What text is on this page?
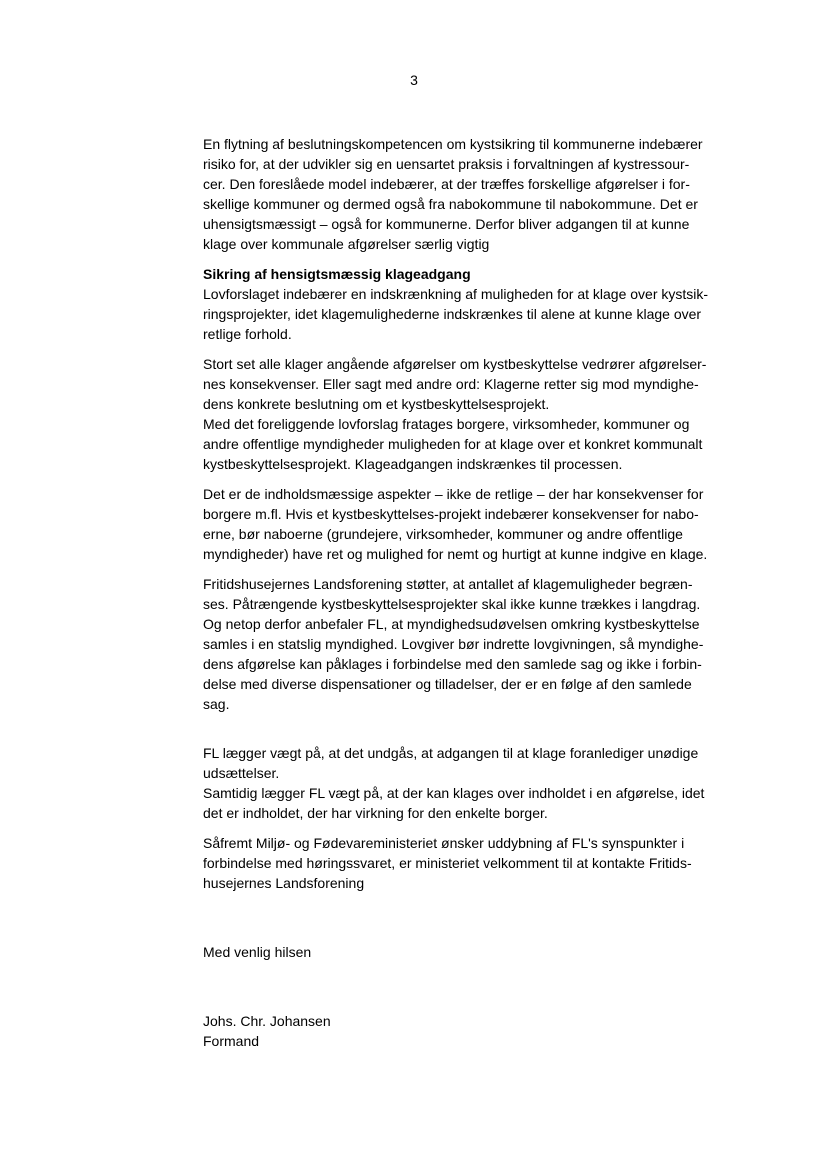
3

En flytning af beslutningskompetencen om kystsikring til kommunerne indebærer
risiko for, at der udvikler sig en uensartet praksis i forvaltningen af kystressour-
cer. Den foreslåede model indebærer, at der træffes forskellige afgørelser i for-
skellige kommuner og dermed også fra nabokommune til nabokommune. Det er
uhensigtsmæssigt – også for kommunerne. Derfor bliver adgangen til at kunne
klage over kommunale afgørelser særlig vigtig

Sikring af hensigtsmæssig klageadgang
Lovforslaget indebærer en indskrænkning af muligheden for at klage over kystsik-
ringsprojekter, idet klagemulighederne indskrænkes til alene at kunne klage over
retlige forhold.

Stort set alle klager angående afgørelser om kystbeskyttelse vedrører afgørelser-
nes konsekvenser. Eller sagt med andre ord: Klagerne retter sig mod myndighe-
dens konkrete beslutning om et kystbeskyttelsesprojekt.
Med det foreliggende lovforslag fratages borgere, virksomheder, kommuner og
andre offentlige myndigheder muligheden for at klage over et konkret kommunalt
kystbeskyttelsesprojekt. Klageadgangen indskrænkes til processen.

Det er de indholdsmæssige aspekter – ikke de retlige – der har konsekvenser for
borgere m.fl. Hvis et kystbeskyttelses-projekt indebærer konsekvenser for nabo-
erne, bør naboerne (grundejere, virksomheder, kommuner og andre offentlige
myndigheder) have ret og mulighed for nemt og hurtigt at kunne indgive en klage.

Fritidshusejernes Landsforening støtter, at antallet af klagemuligheder begræn-
ses. Påtrængende kystbeskyttelsesprojekter skal ikke kunne trækkes i langdrag.
Og netop derfor anbefaler FL, at myndighedsudøvelsen omkring kystbeskyttelse
samles i en statslig myndighed. Lovgiver bør indrette lovgivningen, så myndighe-
dens afgørelse kan påklages i forbindelse med den samlede sag og ikke i forbin-
delse med diverse dispensationer og tilladelser, der er en følge af den samlede
sag.

FL lægger vægt på, at det undgås, at adgangen til at klage foranlediger unødige
udsættelser.
Samtidig lægger FL vægt på, at der kan klages over indholdet i en afgørelse, idet
det er indholdet, der har virkning for den enkelte borger.

Såfremt Miljø- og Fødevareministeriet ønsker uddybning af FL's synspunkter i
forbindelse med høringssvaret, er ministeriet velkomment til at kontakte Fritids-
husejernes Landsforening

Med venlig hilsen

Johs. Chr. Johansen
Formand
